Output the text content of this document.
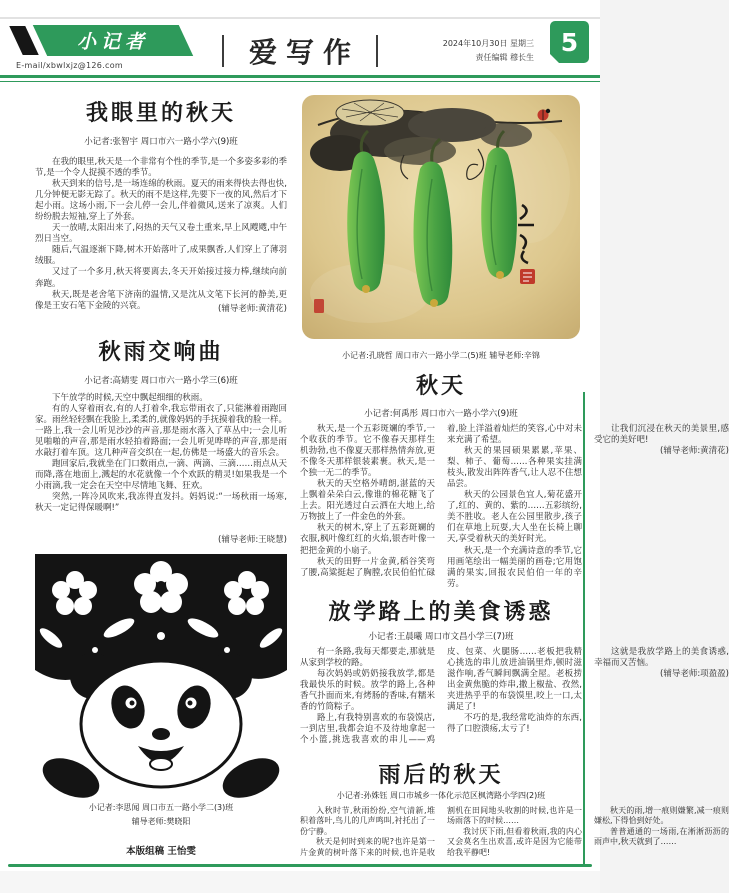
小记者
E-mail/xbwlxjz@126.com	爱写作	2024年10月30日 星期三
责任编辑 穆长生
5
我眼里的秋天
小记者:张智宇 周口市六一路小学六(9)班

在我的眼里,秋天是一个非常有个性的季节,是一个多姿多彩的季节,是一个令人捉摸不透的季节。

秋天到来的信号,是一场连绵的秋雨。夏天的雨来得快去得也快,几分钟便无影无踪了。秋天的雨不是这样,先要下一夜的风,然后才下起小雨。这场小雨,下一会儿停一会儿,伴着微风,送来了凉爽。人们纷纷脱去短袖,穿上了外套。

天一放晴,太阳出来了,闷热的天气又卷土重来,早上风飕飕,中午烈日当空。

随后,气温逐渐下降,树木开始落叶了,成果飘香,人们穿上了薄羽绒服。

又过了一个多月,秋天将要离去,冬天开始接过接力棒,继续向前奔跑。

秋天,既是老舍笔下济南的温情,又是沈从文笔下长河的静美,更像是王安石笔下金陵的兴衰。	(辅导老师:黄清花)
秋雨交响曲
小记者:高婧雯 周口市六一路小学三(6)班

下午放学的时候,天空中飘起细细的秋雨。

有的人穿着雨衣,有的人打着伞,我忘带雨衣了,只能淋着雨跑回家。雨丝轻轻飘在我脸上,柔柔的,就像妈妈的手抚摸着我的脸一样。一路上,我一会儿听见沙沙的声音,那是雨水落入了草丛中;一会儿听见啪啪的声音,那是雨水轻拍着路面;一会儿听见哗哗的声音,那是雨水敲打着车顶。这几种声音交织在一起,仿佛是一场盛大的音乐会。

跑回家后,我就坐在门口数雨点,一滴、两滴、三滴……雨点从天而降,落在地面上,溅起的水花就像一个个欢跃的精灵!如果我是一个小雨滴,我一定会在天空中尽情地飞舞、狂欢。

突然,一阵冷风吹来,我冻得直发抖。妈妈说:“一场秋雨一场寒,秋天一定记得保暖啊!”

(辅导老师:王晓慧)
小记者:李思闻 周口市五一路小学二(3)班
辅导老师:樊晓阳
本版组稿 王怡雯
小记者:孔晓哲 周口市六一路小学二(5)班 辅导老师:辛锦
秋天
小记者:何禹彤 周口市六一路小学六(9)班

秋天,是一个五彩斑斓的季节,一个收获的季节。它不像春天那样生机勃勃,也不像夏天那样热情奔放,更不像冬天那样银装素裹。秋天,是一个独一无二的季节。

秋天的天空格外晴朗,湛蓝的天上飘着朵朵白云,像谁的棉花糖飞了上去。阳光透过白云洒在大地上,给万物披上了一件金色的外套。

秋天的树木,穿上了五彩斑斓的衣服,枫叶像红红的火焰,银杏叶像一把把金黄的小扇子。

秋天的田野一片金黄,稻谷笑弯了腰,高粱挺起了胸膛,农民伯伯忙碌着,脸上洋溢着灿烂的笑容,心中对未来充满了希望。

秋天的果园硕果累累,苹果、梨、柿子、葡萄……各种果实挂满枝头,散发出阵阵香气,让人忍不住想品尝。

秋天的公园景色宜人,菊花盛开了,红的、黄的、紫的……五彩缤纷,美不胜收。老人在公园里散步,孩子们在草地上玩耍,大人坐在长椅上聊天,享受着秋天的美好时光。

秋天,是一个充满诗意的季节,它用画笔绘出一幅美丽的画卷;它用饱满的果实,回报农民伯伯一年的辛劳。

让我们沉浸在秋天的美景里,感受它的美好吧!

(辅导老师:黄清花)

放学路上的美食诱惑
小记者:王晨曦 周口市文昌小学三(7)班

有一条路,我每天都要走,那就是从家到学校的路。

每次妈妈或奶奶接我放学,都是我最快乐的时候。放学的路上,各种香气扑面而来,有烤肠的香味,有糯米香的竹筒粽子。

路上,有我特别喜欢的布袋馍店,一到店里,我都会迫不及待地拿起一个小篮,挑选我喜欢的串儿——鸡皮、包菜、火腿肠……老板把我精心挑选的串儿放进油锅里炸,顿时滋滋作响,香气瞬间飘满全屋。老板捞出金黄焦脆的炸串,撒上椒盐、孜然,夹进热乎乎的布袋馍里,咬上一口,太满足了!

不巧的是,我经常吃油炸的东西,得了口腔溃疡,太亏了!

这就是我放学路上的美食诱惑,幸福而又苦恼。

(辅导老师:项盈盈)

雨后的秋天
小记者:孙姝钰 周口市城乡一体化示范区枫湾路小学四(2)班

入秋时节,秋雨纷纷,空气清新,堆积着落叶,鸟儿的几声鸣叫,衬托出了一份宁静。

秋天是何时到来的呢?也许是第一片金黄的树叶落下来的时候,也许是收割机在田间地头收割的时候,也许是一场雨落下的时候……

我讨厌下雨,但看着秋雨,我的内心又会莫名生出欢喜,或许是因为它能带给我平静吧!

秋天的雨,增一痕则嫌繁,减一痕则嫌松,下得恰到好处。

普普通通的一场雨,在淅淅沥沥的雨声中,秋天就到了……
